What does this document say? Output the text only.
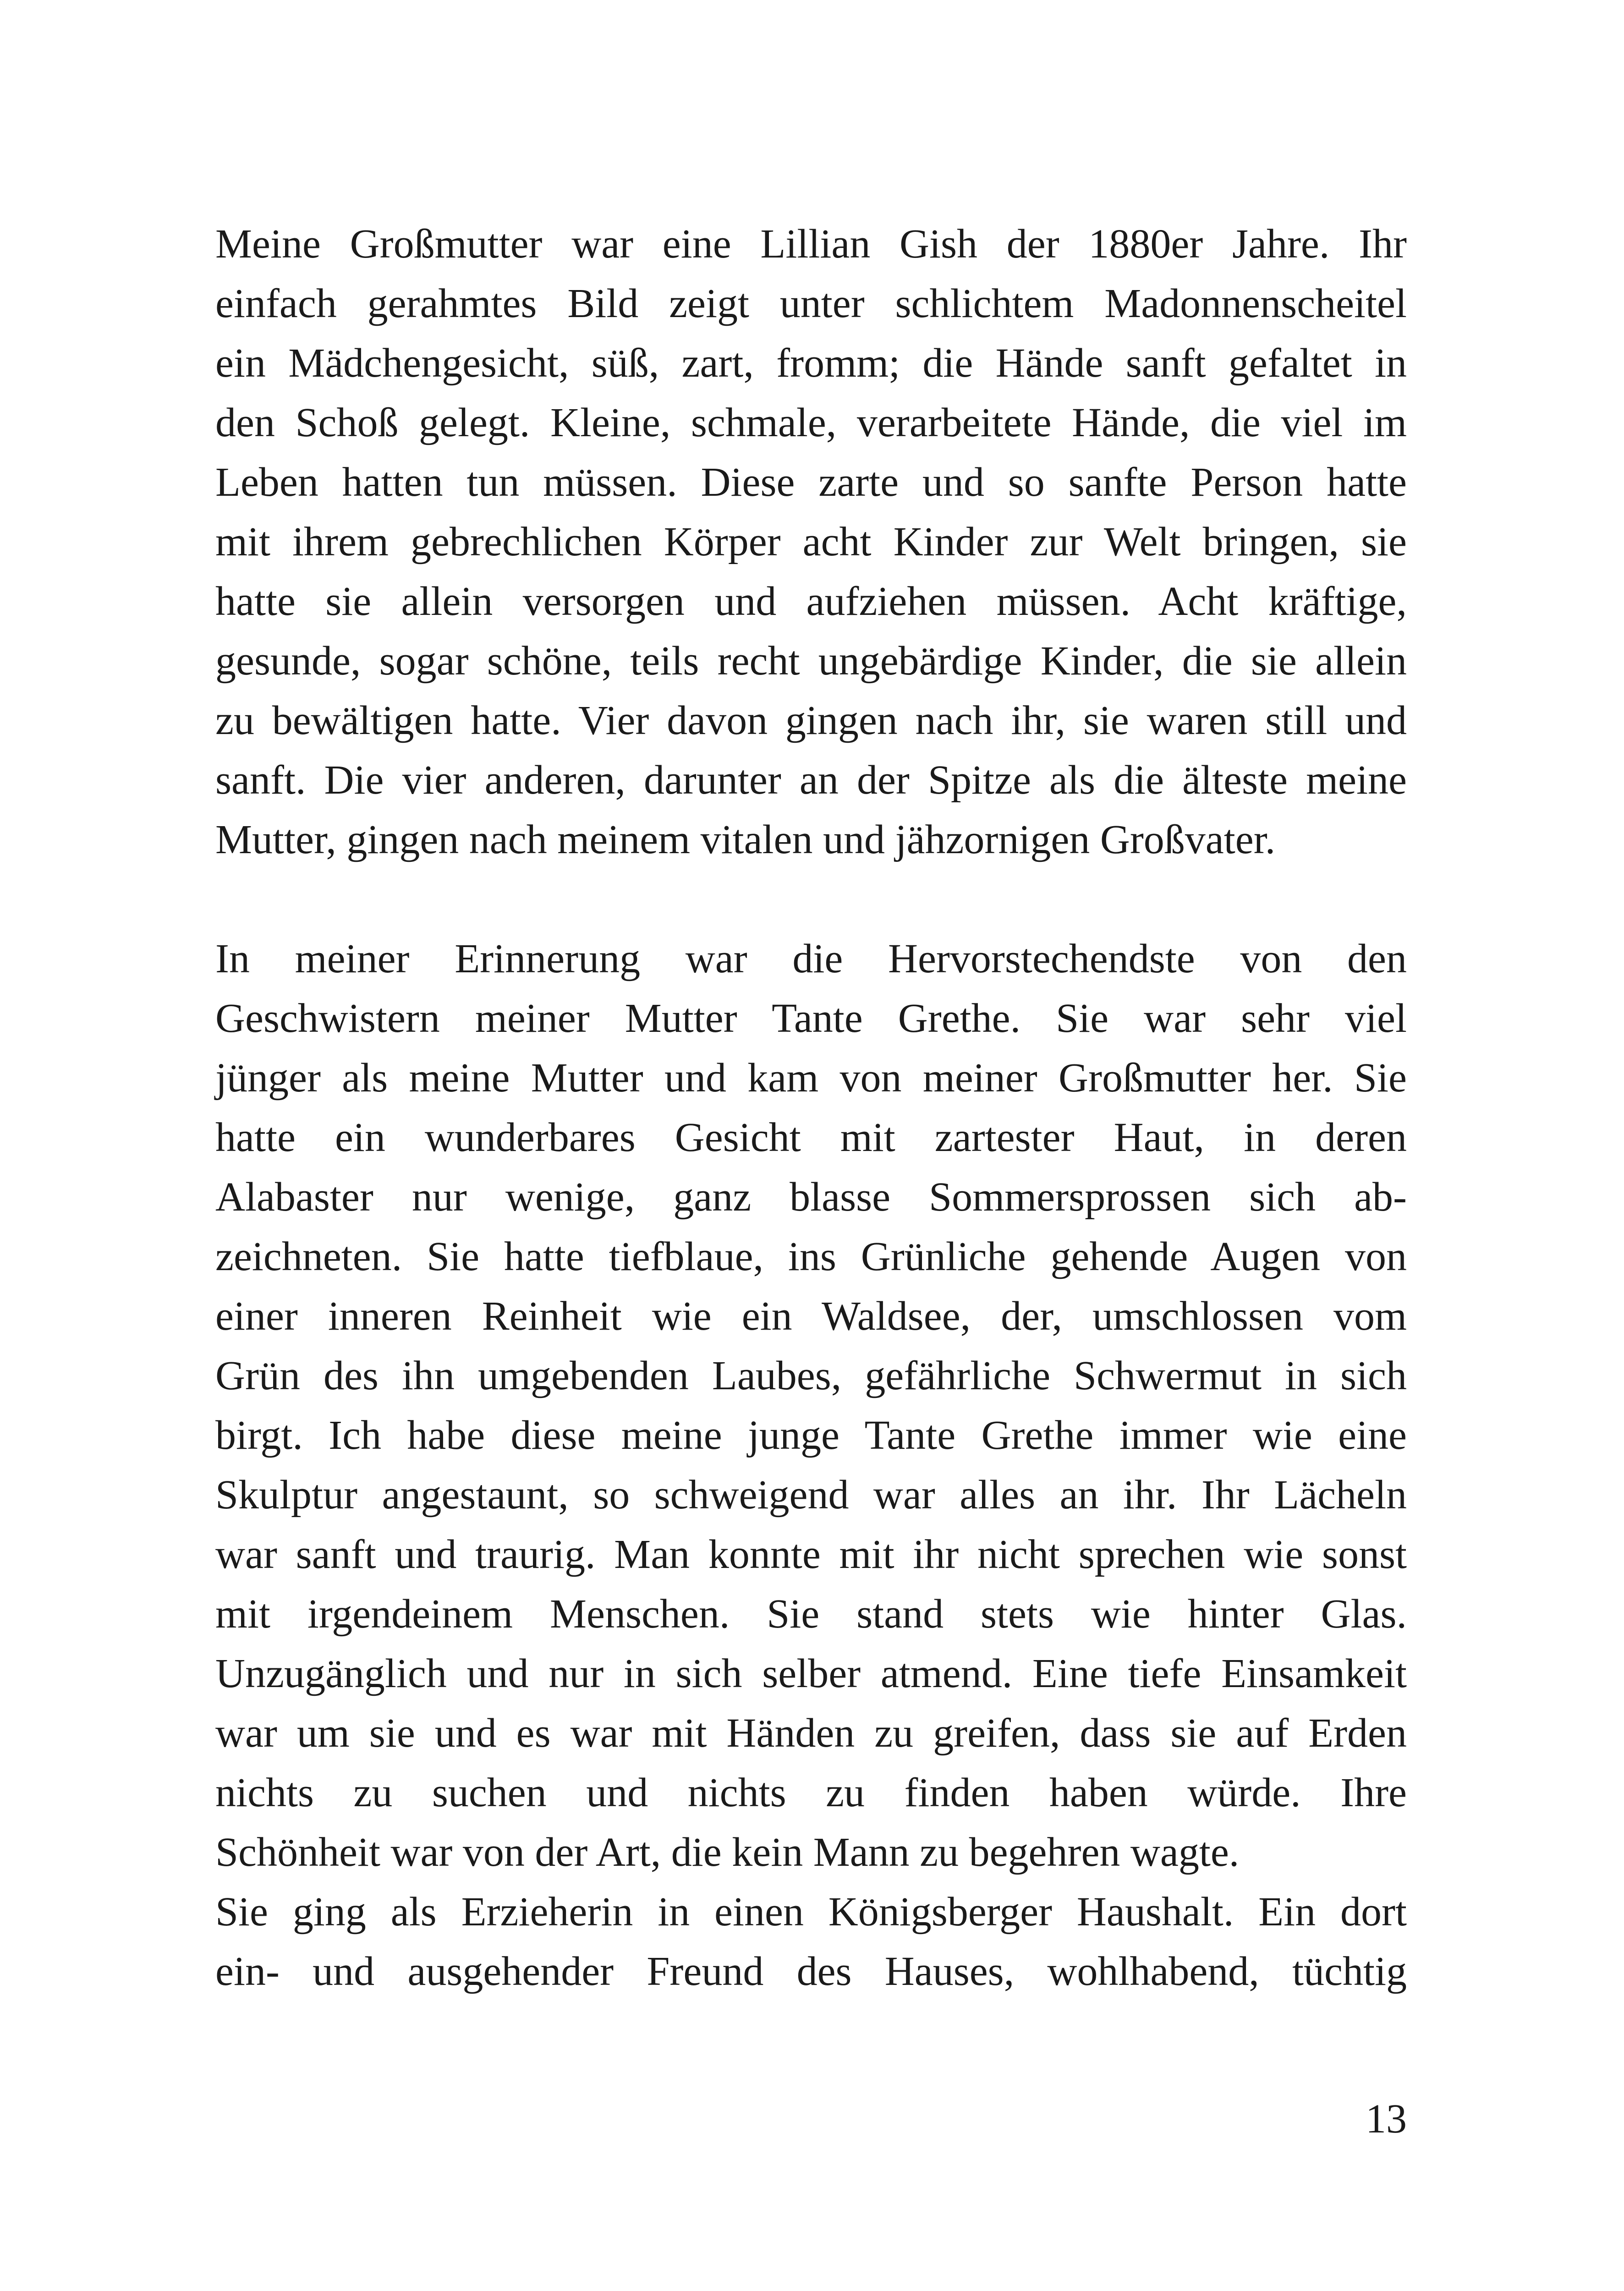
Meine Großmutter war eine Lillian Gish der 1880er Jahre. Ihr
einfach gerahmtes Bild zeigt unter schlichtem Madonnenscheitel
ein Mädchengesicht, süß, zart, fromm; die Hände sanft gefaltet in
den Schoß gelegt. Kleine, schmale, verarbeitete Hände, die viel im
Leben hatten tun müssen. Diese zarte und so sanfte Person hatte
mit ihrem gebrechlichen Körper acht Kinder zur Welt bringen, sie
hatte sie allein versorgen und aufziehen müssen. Acht kräftige,
gesunde, sogar schöne, teils recht ungebärdige Kinder, die sie allein
zu bewältigen hatte. Vier davon gingen nach ihr, sie waren still und
sanft. Die vier anderen, darunter an der Spitze als die älteste meine
Mutter, gingen nach meinem vitalen und jähzornigen Großvater.
In meiner Erinnerung war die Hervorstechendste von den
Geschwistern meiner Mutter Tante Grethe. Sie war sehr viel
jünger als meine Mutter und kam von meiner Großmutter her. Sie
hatte ein wunderbares Gesicht mit zartester Haut, in deren
Alabaster nur wenige, ganz blasse Sommersprossen sich ab-
zeichneten. Sie hatte tiefblaue, ins Grünliche gehende Augen von
einer inneren Reinheit wie ein Waldsee, der, umschlossen vom
Grün des ihn umgebenden Laubes, gefährliche Schwermut in sich
birgt. Ich habe diese meine junge Tante Grethe immer wie eine
Skulptur angestaunt, so schweigend war alles an ihr. Ihr Lächeln
war sanft und traurig. Man konnte mit ihr nicht sprechen wie sonst
mit irgendeinem Menschen. Sie stand stets wie hinter Glas.
Unzugänglich und nur in sich selber atmend. Eine tiefe Einsamkeit
war um sie und es war mit Händen zu greifen, dass sie auf Erden
nichts zu suchen und nichts zu finden haben würde. Ihre
Schönheit war von der Art, die kein Mann zu begehren wagte.
Sie ging als Erzieherin in einen Königsberger Haushalt. Ein dort
ein- und ausgehender Freund des Hauses, wohlhabend, tüchtig
13
